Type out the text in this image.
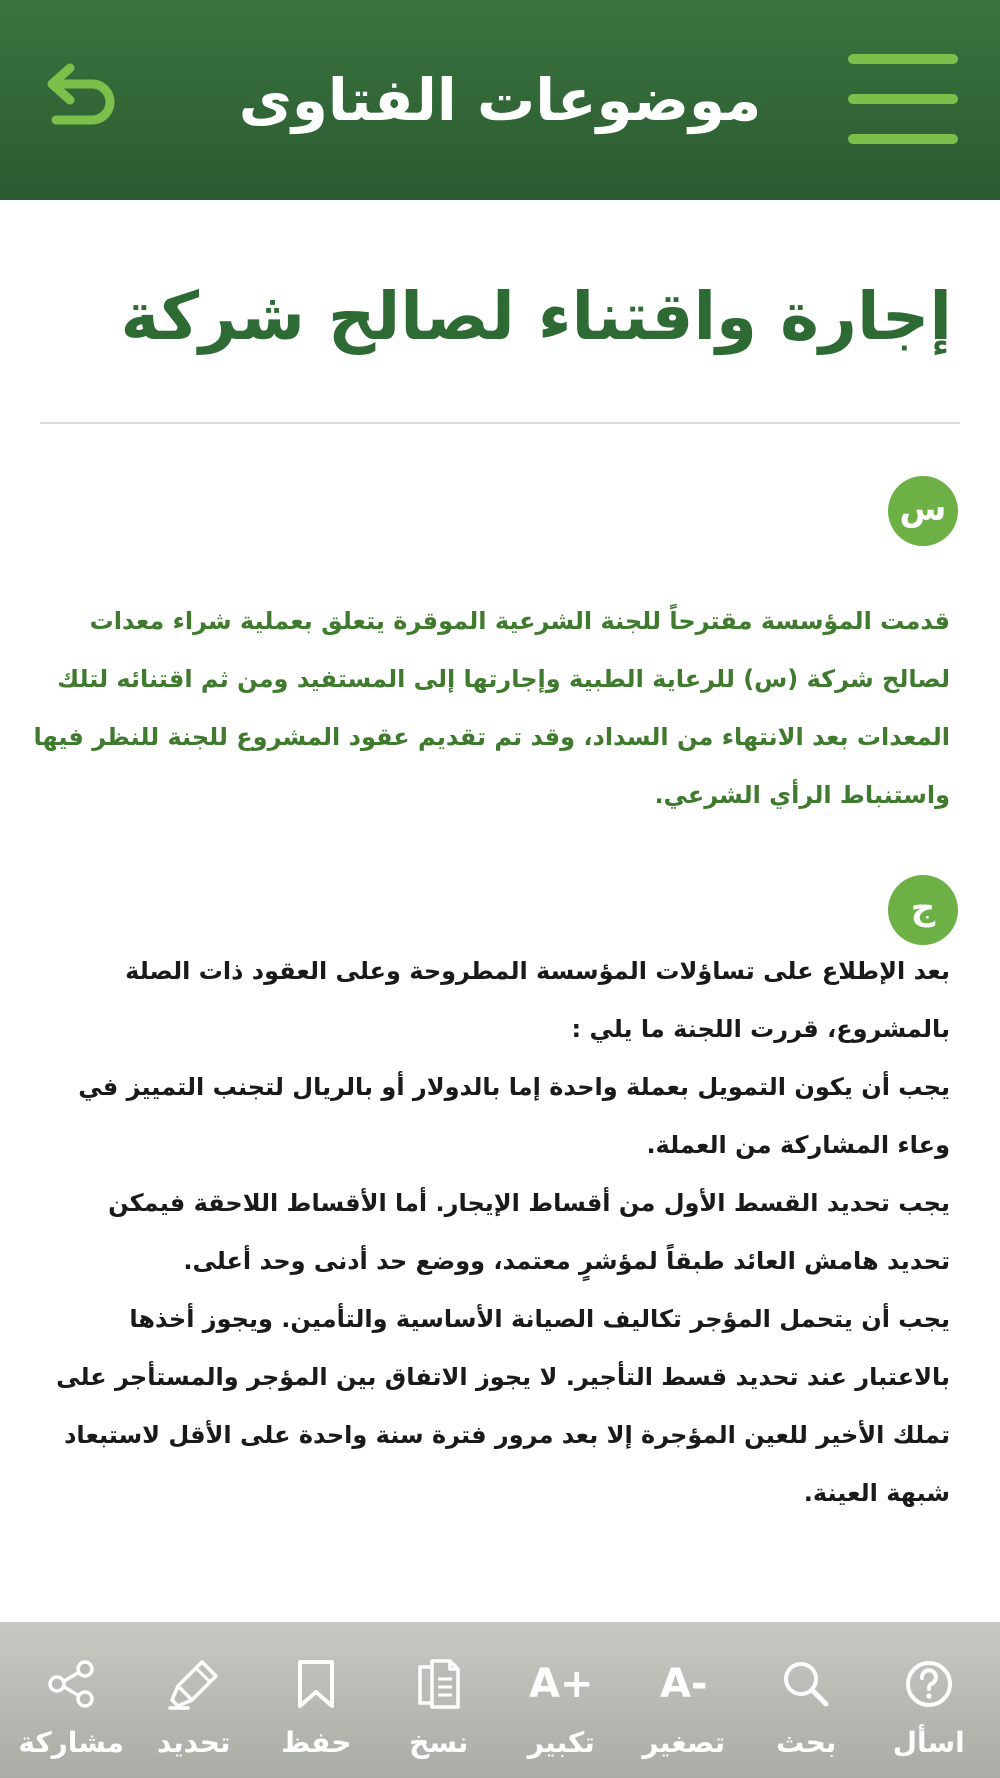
موضوعات الفتاوى
إجارة واقتناء لصالح شركة
س
قدمت المؤسسة مقترحاً للجنة الشرعية الموقرة يتعلق بعملية شراء معدات لصالح شركة (س) للرعاية الطبية وإجارتها إلى المستفيد ومن ثم اقتنائه لتلك المعدات بعد الانتهاء من السداد، وقد تم تقديم عقود المشروع للجنة للنظر فيها واستنباط الرأي الشرعي.
ج

بعد الإطلاع على تساؤلات المؤسسة المطروحة وعلى العقود ذات الصلة بالمشروع، قررت اللجنة ما يلي :

يجب أن يكون التمويل بعملة واحدة إما بالدولار أو بالريال لتجنب التمييز في وعاء المشاركة من العملة.

يجب تحديد القسط الأول من أقساط الإيجار. أما الأقساط اللاحقة فيمكن تحديد هامش العائد طبقاً لمؤشرٍ معتمد، ووضع حد أدنى وحد أعلى.

يجب أن يتحمل المؤجر تكاليف الصيانة الأساسية والتأمين. ويجوز أخذها بالاعتبار عند تحديد قسط التأجير. لا يجوز الاتفاق بين المؤجر والمستأجر على تملك الأخير للعين المؤجرة إلا بعد مرور فترة سنة واحدة على الأقل لاستبعاد شبهة العينة.

اسأل
بحث
A-
تصغير
A+
تكبير
نسخ
حفظ
تحديد
مشاركة
